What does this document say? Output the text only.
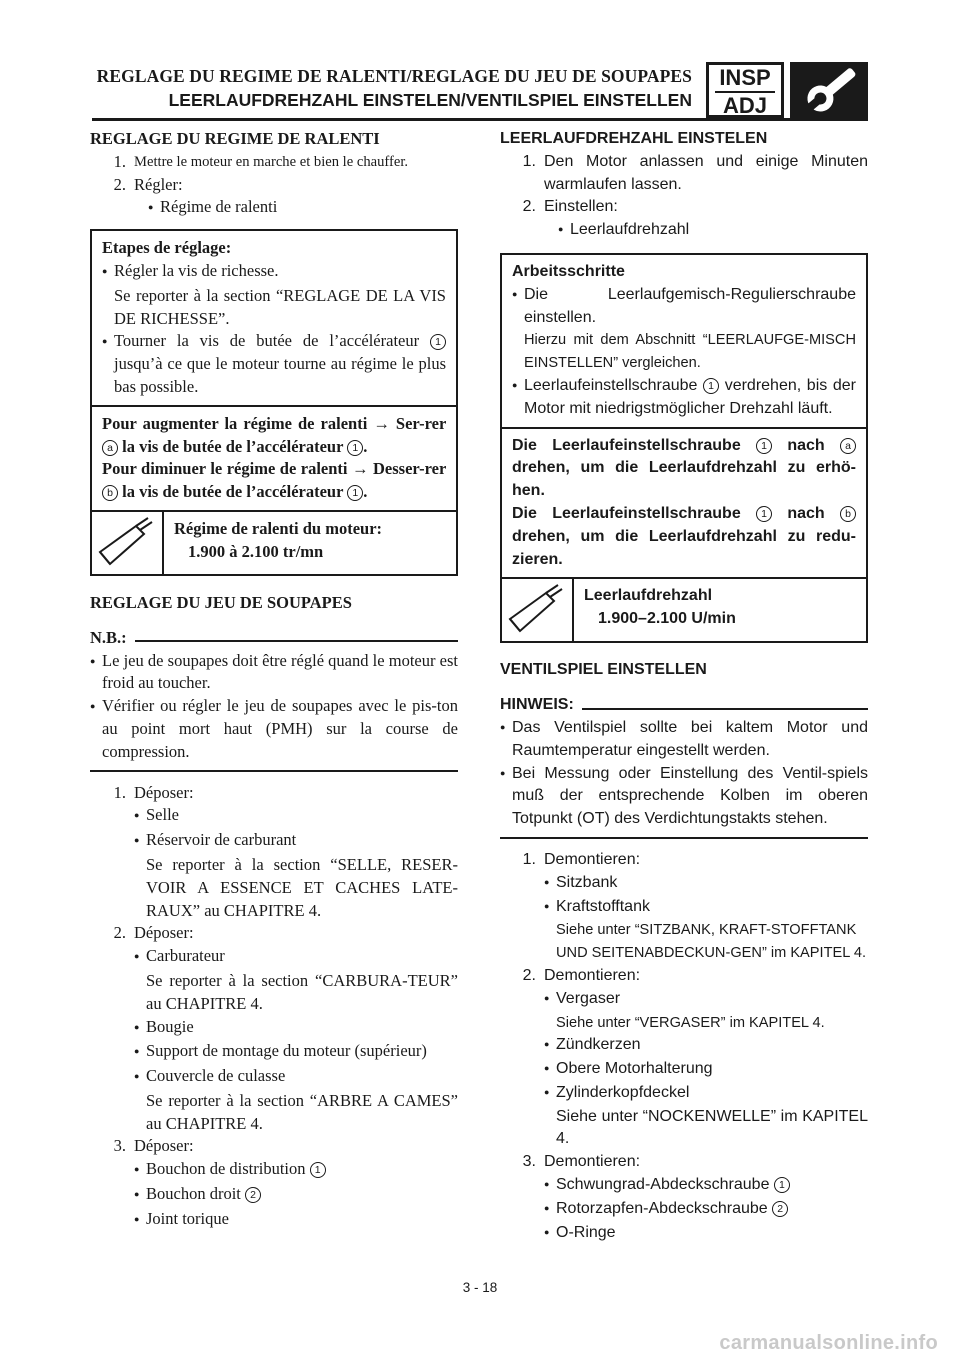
REGLAGE DU REGIME DE RALENTI/REGLAGE DU JEU DE SOUPAPES
LEERLAUFDREHZAHL EINSTELEN/VENTILSPIEL EINSTELLEN
INSP
ADJ

REGLAGE DU REGIME DE RALENTI

1. Mettre le moteur en marche et bien le chauffer.
2. Régler:
●
Régime de ralenti

Etapes de réglage:

●
Régler la vis de richesse.
Se reporter à la section “REGLAGE DE LA VIS DE RICHESSE”.
●
Tourner la vis de butée de l’accélérateur 1 jusqu’à ce que le moteur tourne au régime le plus bas possible.
Pour augmenter la régime de ralenti → Ser-rer a la vis de butée de l’accélérateur 1 .
Pour diminuer le régime de ralenti → Desser-rer b la vis de butée de l’accélérateur 1 .
Régime de ralenti du moteur:
1.900 à 2.100 tr/mn

REGLAGE DU JEU DE SOUPAPES

N.B.:
●
Le jeu de soupapes doit être réglé quand le moteur est froid au toucher.
●
Vérifier ou régler le jeu de soupapes avec le pis-ton au point mort haut (PMH) sur la course de compression.
1. Déposer:
●
Selle
●
Réservoir de carburant
Se reporter à la section “SELLE, RESER-VOIR A ESSENCE ET CACHES LATE-RAUX” au CHAPITRE 4.
2. Déposer:
●
Carburateur
Se reporter à la section “CARBURA-TEUR” au CHAPITRE 4.
●
Bougie
●
Support de montage du moteur (supérieur)
●
Couvercle de culasse
Se reporter à la section “ARBRE A CAMES” au CHAPITRE 4.
3. Déposer:
●
Bouchon de distribution 1
●
Bouchon droit 2
●
Joint torique

LEERLAUFDREHZAHL EINSTELEN

1. Den Motor anlassen und einige Minuten warmlaufen lassen.
2. Einstellen:
●
Leerlaufdrehzahl

Arbeitsschritte

●
Die Leerlaufgemisch-Regulierschraube einstellen.
Hierzu mit dem Abschnitt “LEERLAUFGE-MISCH EINSTELLEN” vergleichen.
●
Leerlaufeinstellschraube 1 verdrehen, bis der Motor mit niedrigstmöglicher Drehzahl läuft.
Die Leerlaufeinstellschraube 1 nach a drehen, um die Leerlaufdrehzahl zu erhö-hen.
Die Leerlaufeinstellschraube 1 nach b drehen, um die Leerlaufdrehzahl zu redu-zieren.
Leerlaufdrehzahl
1.900–2.100 U/min

VENTILSPIEL EINSTELLEN

HINWEIS:
●
Das Ventilspiel sollte bei kaltem Motor und Raumtemperatur eingestellt werden.
●
Bei Messung oder Einstellung des Ventil-spiels muß der entsprechende Kolben im oberen Totpunkt (OT) des Verdichtungstakts stehen.
1. Demontieren:
●
Sitzbank
●
Kraftstofftank
Siehe unter “SITZBANK, KRAFT-STOFFTANK UND SEITENABDECKUN-GEN” im KAPITEL 4.
2. Demontieren:
●
Vergaser
Siehe unter “VERGASER” im KAPITEL 4.
●
Zündkerzen
●
Obere Motorhalterung
●
Zylinderkopfdeckel
Siehe unter “NOCKENWELLE” im KAPITEL 4.
3. Demontieren:
●
Schwungrad-Abdeckschraube 1
●
Rotorzapfen-Abdeckschraube 2
●
O-Ringe
3 - 18
carmanualsonline.info
